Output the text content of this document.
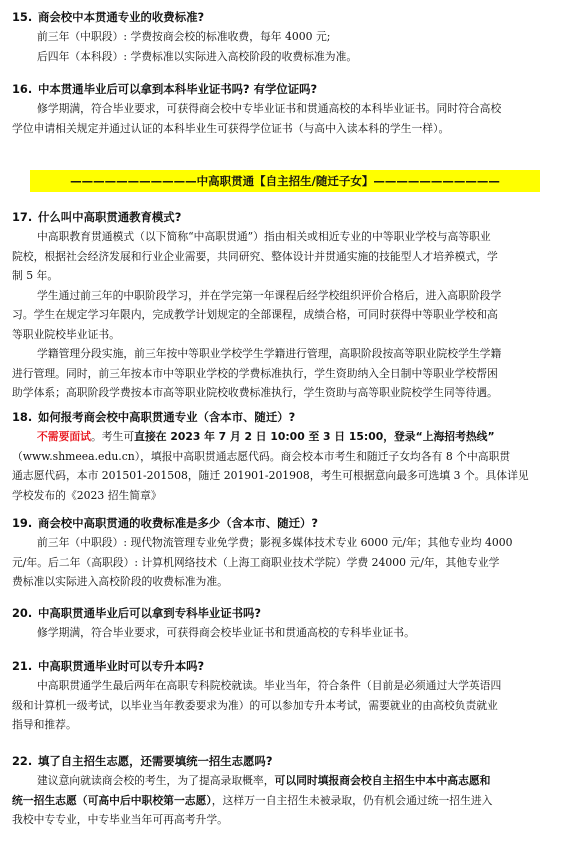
15. 商会校中本贯通专业的收费标准?
前三年（中职段）: 学费按商会校的标准收费，每年 4000 元;
后四年（本科段）: 学费标准以实际进入高校阶段的收费标准为准。
16. 中本贯通毕业后可以拿到本科毕业证书吗? 有学位证吗?
修学期满，符合毕业要求，可获得商会校中专毕业证书和贯通高校的本科毕业证书。同时符合高校
学位申请相关规定并通过认证的本科毕业生可获得学位证书（与高中入读本科的学生一样）。
———————————中高职贯通【自主招生/随迁子女】———————————
17. 什么叫中高职贯通教育模式?
中高职教育贯通模式（以下简称“中高职贯通”）指由相关或相近专业的中等职业学校与高等职业
院校，根据社会经济发展和行业企业需要，共同研究、整体设计并贯通实施的技能型人才培养模式，学
制 5 年。
学生通过前三年的中职阶段学习，并在学完第一年课程后经学校组织评价合格后，进入高职阶段学
习。学生在规定学习年限内，完成教学计划规定的全部课程，成绩合格，可同时获得中等职业学校和高
等职业院校毕业证书。
学籍管理分段实施，前三年按中等职业学校学生学籍进行管理，高职阶段按高等职业院校学生学籍
进行管理。同时，前三年按本市中等职业学校的学费标准执行，学生资助纳入全日制中等职业学校帮困
助学体系；高职阶段学费按本市高等职业院校收费标准执行，学生资助与高等职业院校学生同等待遇。
18. 如何报考商会校中高职贯通专业（含本市、随迁）?
不需要面试。考生可直接在 2023 年 7 月 2 日 10:00 至 3 日 15:00，登录“上海招考热线”
（www.shmeea.edu.cn），填报中高职贯通志愿代码。商会校本市考生和随迁子女均各有 8 个中高职贯
通志愿代码，本市 201501-201508，随迁 201901-201908，考生可根据意向最多可选填 3 个。具体详见
学校发布的《2023 招生简章》
19. 商会校中高职贯通的收费标准是多少（含本市、随迁）?
前三年（中职段）: 现代物流管理专业免学费；影视多媒体技术专业 6000 元/年；其他专业均 4000
元/年。后二年（高职段）: 计算机网络技术（上海工商职业技术学院）学费 24000 元/年，其他专业学
费标准以实际进入高校阶段的收费标准为准。
20. 中高职贯通毕业后可以拿到专科毕业证书吗?
修学期满，符合毕业要求，可获得商会校毕业证书和贯通高校的专科毕业证书。
21. 中高职贯通毕业时可以专升本吗?
中高职贯通学生最后两年在高职专科院校就读。毕业当年，符合条件（目前是必须通过大学英语四
级和计算机一级考试，以毕业当年教委要求为准）的可以参加专升本考试，需要就业的由高校负责就业
指导和推荐。
22. 填了自主招生志愿，还需要填统一招生志愿吗?
建议意向就读商会校的考生，为了提高录取概率，可以同时填报商会校自主招生中本中高志愿和
统一招生志愿（可高中后中职校第一志愿），这样万一自主招生未被录取，仍有机会通过统一招生进入
我校中专专业，中专毕业当年可再高考升学。
